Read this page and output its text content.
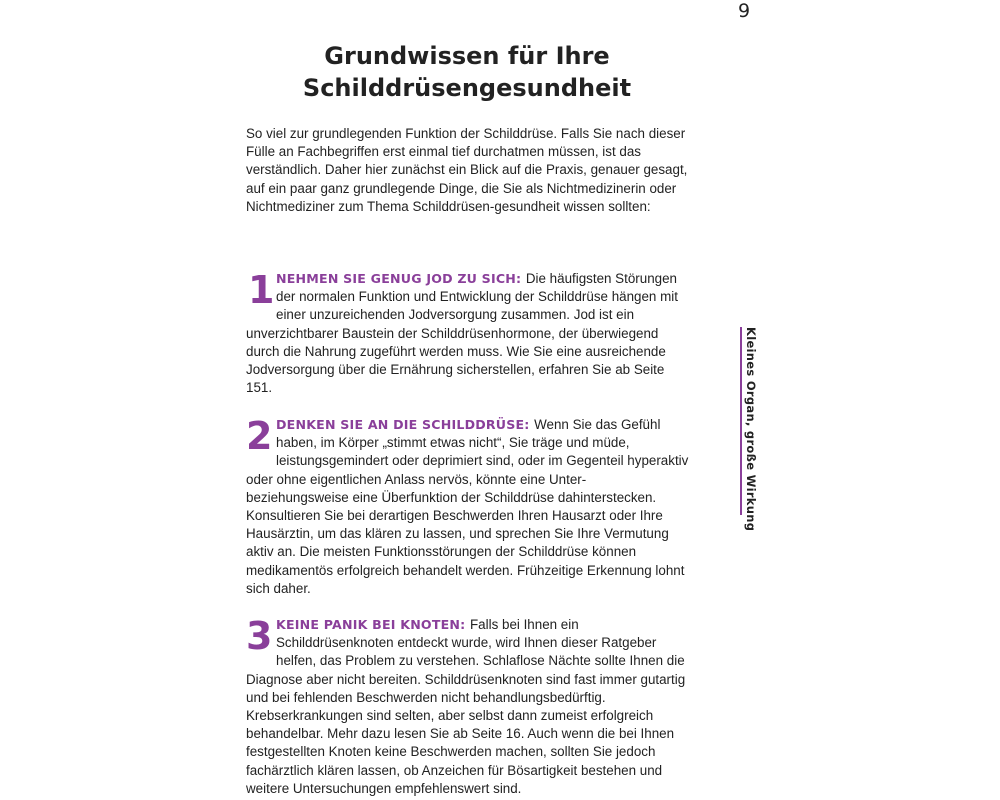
9
Grundwissen für Ihre
Schilddrüsengesundheit

So viel zur grundlegenden Funktion der Schilddrüse. Falls Sie nach dieser Fülle an Fachbegriffen erst einmal tief durchatmen müssen, ist das verständlich. Daher hier zunächst ein Blick auf die Praxis, genauer gesagt, auf ein paar ganz grundlegende Dinge, die Sie als Nichtmedizinerin oder Nichtmediziner zum Thema Schilddrüsen-gesundheit wissen sollten:

1 NEHMEN SIE GENUG JOD ZU SICH: Die häufigsten Störungen der normalen Funktion und Entwicklung der Schilddrüse hängen mit einer unzureichenden Jodversorgung zusammen. Jod ist ein unverzichtbarer Baustein der Schilddrüsenhormone, der überwiegend durch die Nahrung zugeführt werden muss. Wie Sie eine ausreichende Jodversorgung über die Ernährung sicherstellen, erfahren Sie ab Seite 151.
2 DENKEN SIE AN DIE SCHILDDRÜSE: Wenn Sie das Gefühl haben, im Körper „stimmt etwas nicht“, Sie träge und müde, leistungsgemindert oder deprimiert sind, oder im Gegenteil hyperaktiv oder ohne eigentlichen Anlass nervös, könnte eine Unter- beziehungsweise eine Überfunktion der Schilddrüse dahinterstecken. Konsultieren Sie bei derartigen Beschwerden Ihren Hausarzt oder Ihre Hausärztin, um das klären zu lassen, und sprechen Sie Ihre Vermutung aktiv an. Die meisten Funktionsstörungen der Schilddrüse können medikamentös erfolgreich behandelt werden. Frühzeitige Erkennung lohnt sich daher.
3 KEINE PANIK BEI KNOTEN: Falls bei Ihnen ein Schilddrüsenknoten entdeckt wurde, wird Ihnen dieser Ratgeber helfen, das Problem zu verstehen. Schlaflose Nächte sollte Ihnen die Diagnose aber nicht bereiten. Schilddrüsenknoten sind fast immer gutartig und bei fehlenden Beschwerden nicht behandlungsbedürftig. Krebserkrankungen sind selten, aber selbst dann zumeist erfolgreich behandelbar. Mehr dazu lesen Sie ab Seite 16. Auch wenn die bei Ihnen festgestellten Knoten keine Beschwerden machen, sollten Sie jedoch fachärztlich klären lassen, ob Anzeichen für Bösartigkeit bestehen und weitere Untersuchungen empfehlenswert sind.
Kleines Organ, große Wirkung
